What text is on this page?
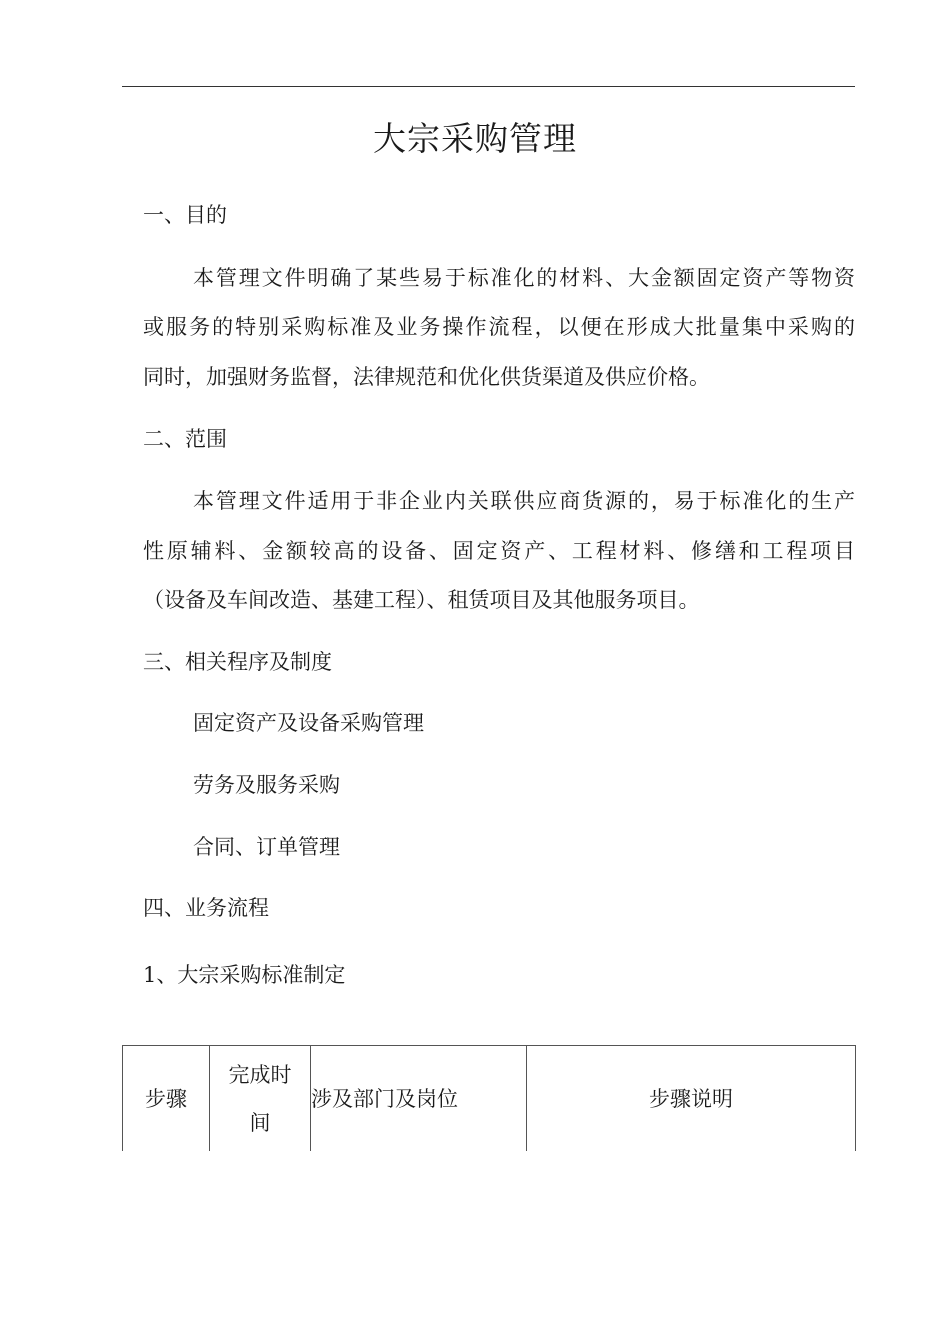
大宗采购管理
一、目的
本管理文件明确了某些易于标准化的材料、大金额固定资产等物资
或服务的特别采购标准及业务操作流程，以便在形成大批量集中采购的
同时，加强财务监督，法律规范和优化供货渠道及供应价格。
二、范围
本管理文件适用于非企业内关联供应商货源的，易于标准化的生产
性原辅料、金额较高的设备、固定资产、工程材料、修缮和工程项目
（设备及车间改造、基建工程）、租赁项目及其他服务项目。
三、相关程序及制度
固定资产及设备采购管理
劳务及服务采购
合同、订单管理
四、业务流程
1、大宗采购标准制定
步骤	完成时间	涉及部门及岗位	步骤说明
